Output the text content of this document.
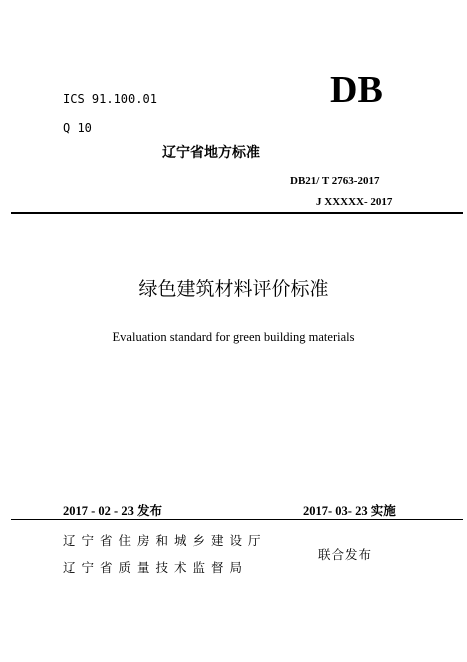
ICS 91.100.01
Q 10
DB
辽宁省地方标准
DB21/ T 2763-2017
J XXXXX- 2017
绿色建筑材料评价标准
Evaluation standard for green building materials
2017 - 02 - 23 发布	2017- 03- 23 实施
辽宁省住房和城乡建设厅
辽宁省质量技术监督局
联合发布
